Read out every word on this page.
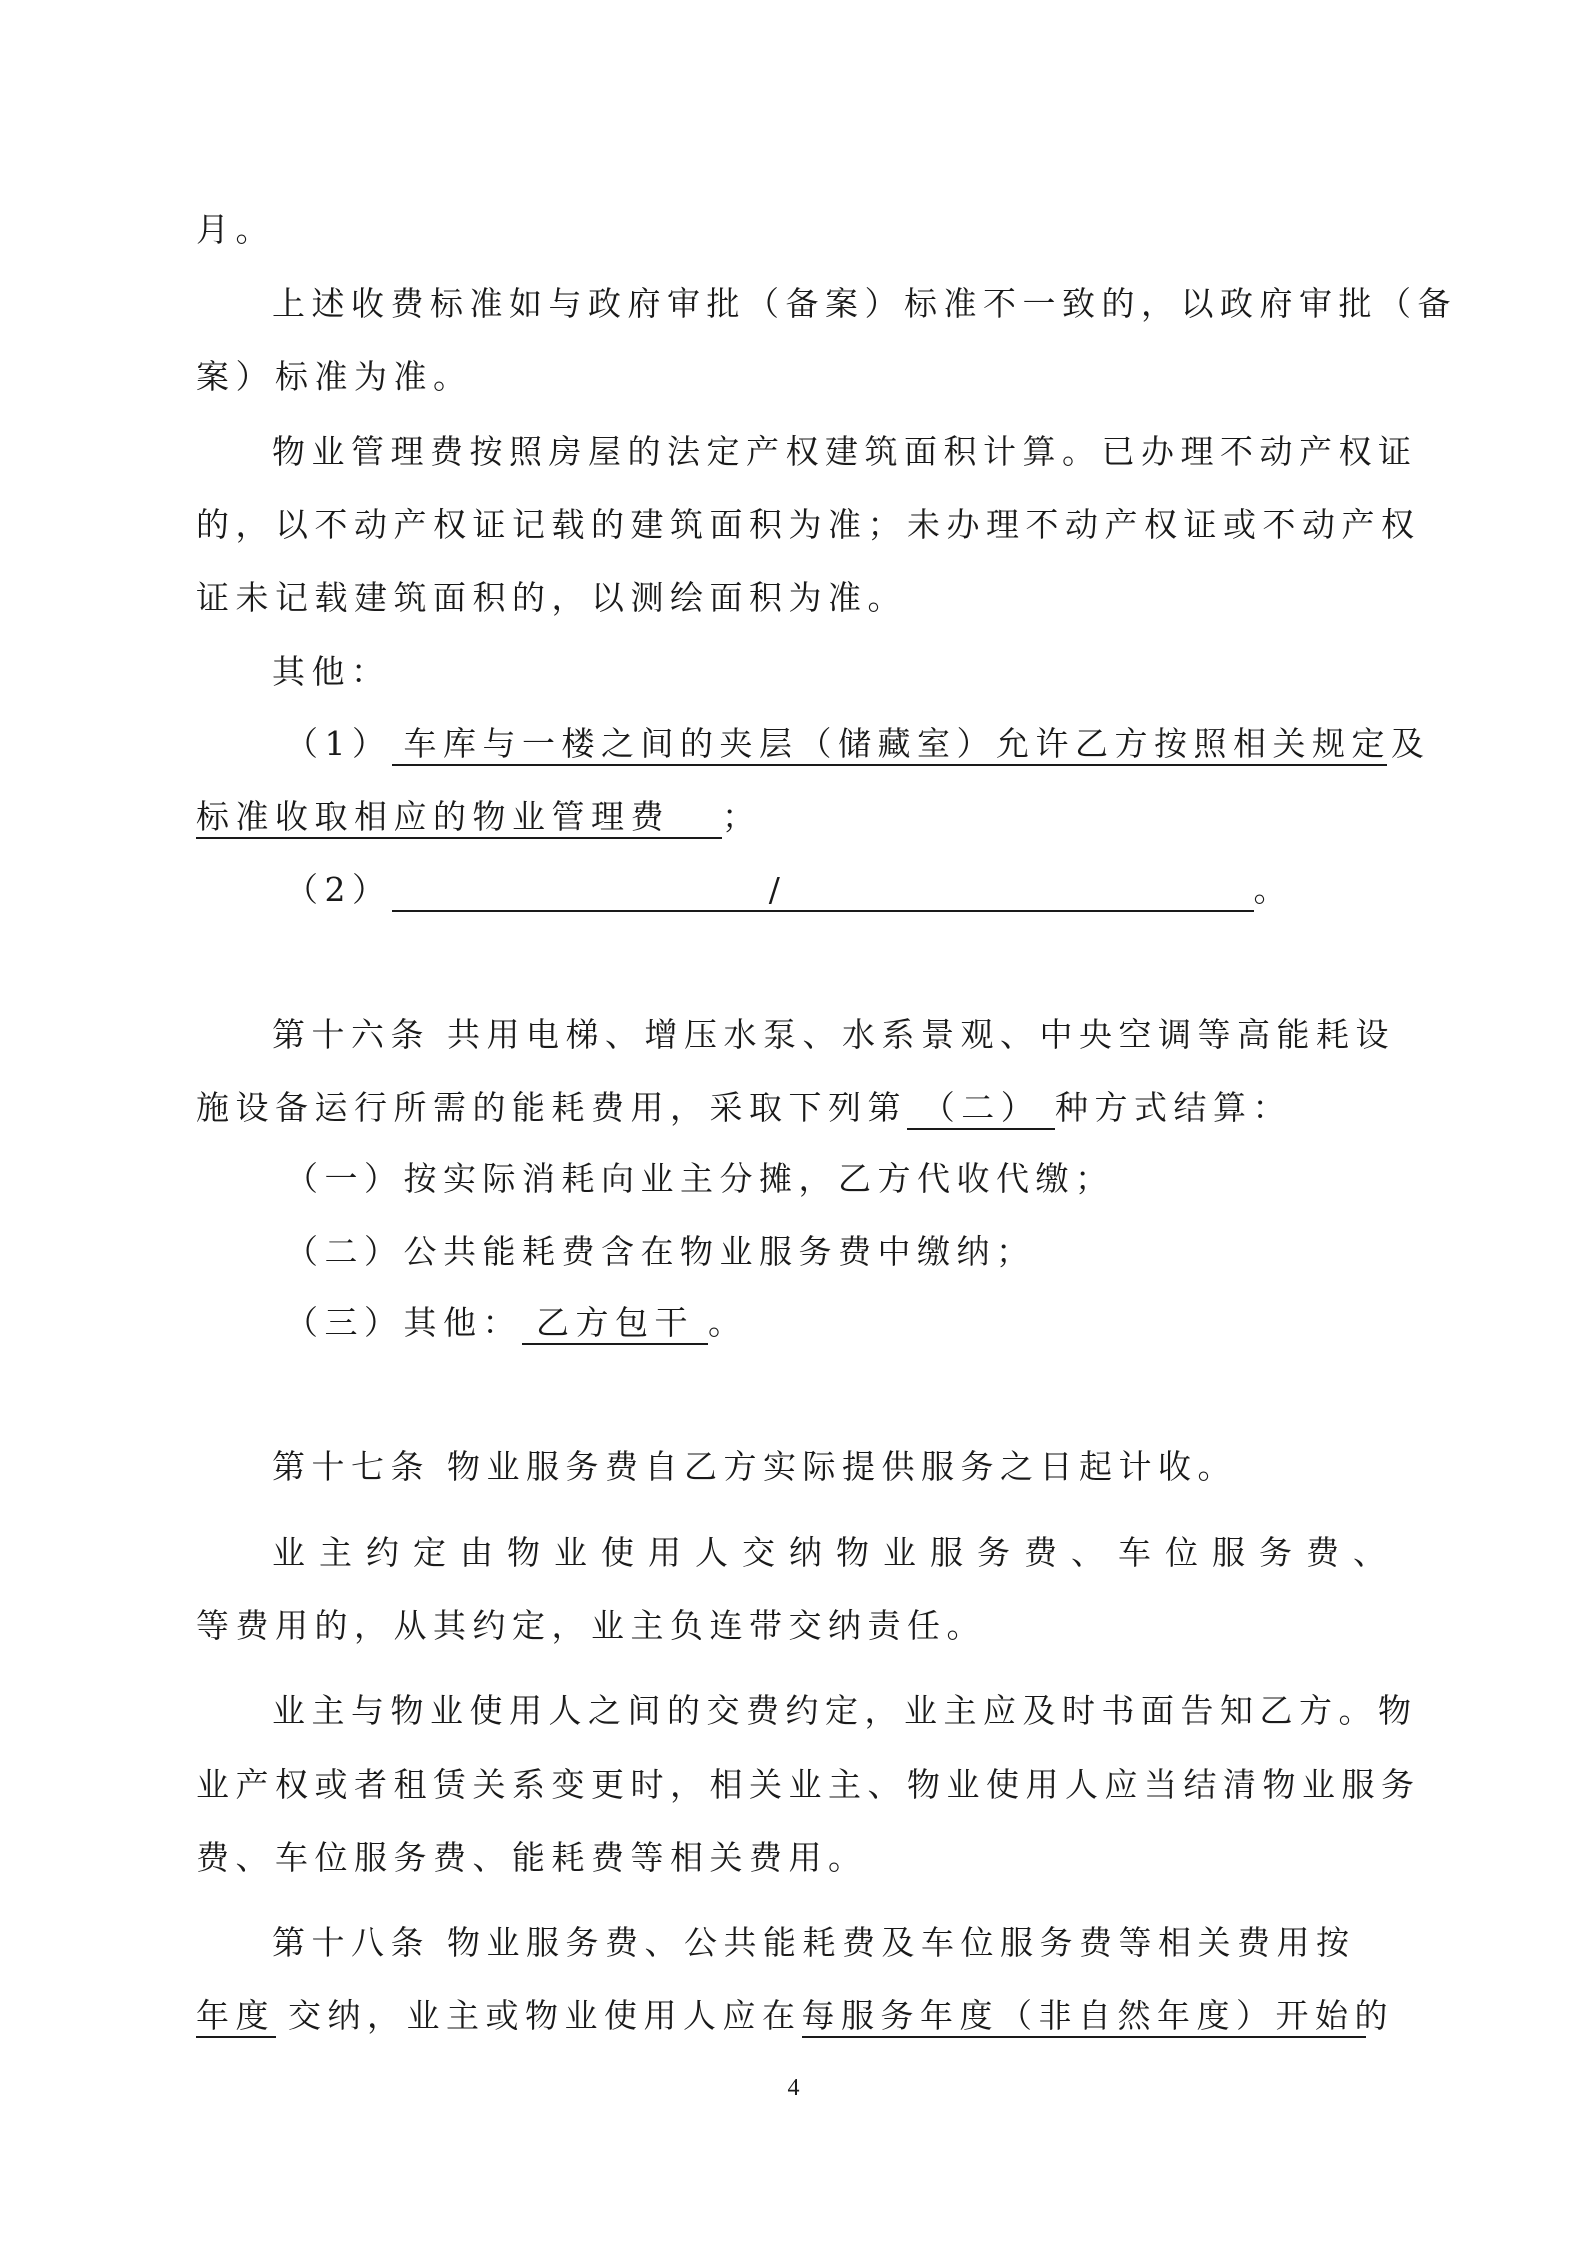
月。
上述收费标准如与政府审批（备案）标准不一致的，以政府审批（备
案）标准为准。
物业管理费按照房屋的法定产权建筑面积计算。已办理不动产权证
的，以不动产权证记载的建筑面积为准；未办理不动产权证或不动产权
证未记载建筑面积的，以测绘面积为准。
其他：
（1） 车库与一楼之间的夹层（储藏室）允许乙方按照相关规定及
标准收取相应的物业管理费 ；
（2）	/	。
第十六条 共用电梯、增压水泵、水系景观、中央空调等高能耗设
施设备运行所需的能耗费用，采取下列第 （二） 种方式结算：
（一）按实际消耗向业主分摊，乙方代收代缴；
（二）公共能耗费含在物业服务费中缴纳；
（三）其他： 乙方包干 。
第十七条 物业服务费自乙方实际提供服务之日起计收。
业主约定由物业使用人交纳物业服务费、车位服务费、
等费用的，从其约定，业主负连带交纳责任。
业主与物业使用人之间的交费约定，业主应及时书面告知乙方。物
业产权或者租赁关系变更时，相关业主、物业使用人应当结清物业服务
费、车位服务费、能耗费等相关费用。
第十八条 物业服务费、公共能耗费及车位服务费等相关费用按
年度 交纳，业主或物业使用人应在每服务年度（非自然年度）开始的
4
